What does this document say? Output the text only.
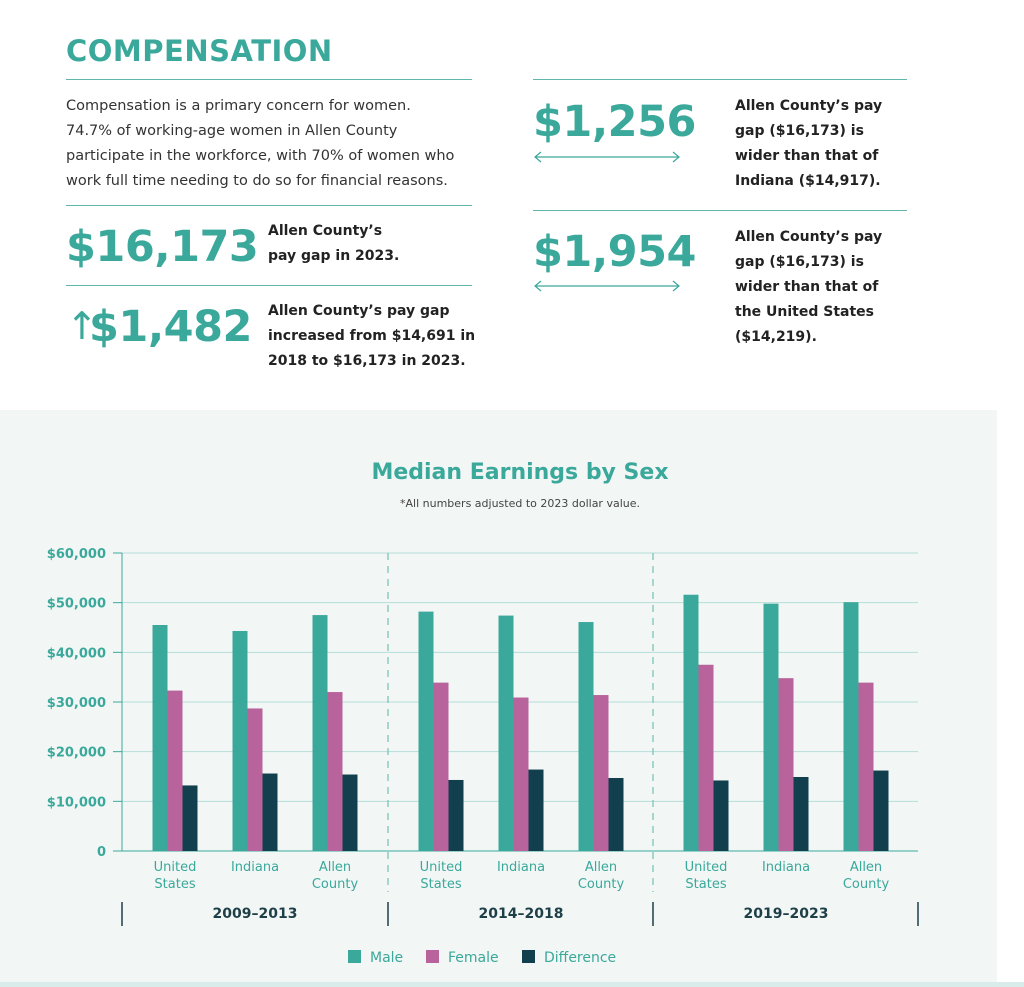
COMPENSATION
Compensation is a primary concern for women.
74.7% of working-age women in Allen County
participate in the workforce, with 70% of women who
work full time needing to do so for financial reasons.
$16,173 Allen County’s
pay gap in 2023.
↑
$1,482 Allen County’s pay gap
increased from $14,691 in
2018 to $16,173 in 2023.
$1,256	Allen County’s pay
gap ($16,173) is
wider than that of
Indiana ($14,917).
$1,954	Allen County’s pay
gap ($16,173) is
wider than that of
the United States
($14,219).
Median Earnings by Sex
*All numbers adjusted to 2023 dollar value.
0
$10,000
$20,000
$30,000
$40,000
$50,000
$60,000
2009–2013
United
States
Indiana	Allen
County
2014–2018
United
States
Indiana	Allen
County
2019–2023
United
States
Indiana	Allen
County
Male	Female	Difference
